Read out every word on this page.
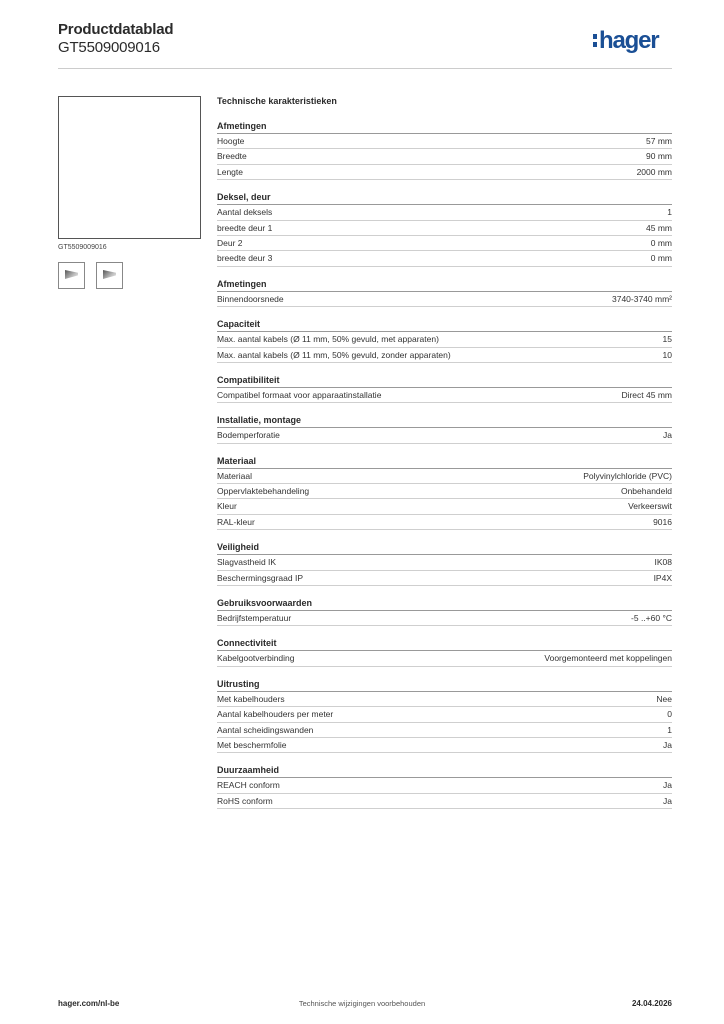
Productdatablad
GT5509009016	hager
GT5509009016
Technische karakteristieken
Afmetingen
Hoogte	57 mm
Breedte	90 mm
Lengte	2000 mm
Deksel, deur
Aantal deksels	1
breedte deur 1	45 mm
Deur 2	0 mm
breedte deur 3	0 mm
Afmetingen
Binnendoorsnede	3740-3740 mm²
Capaciteit
Max. aantal kabels (Ø 11 mm, 50% gevuld, met apparaten)	15
Max. aantal kabels (Ø 11 mm, 50% gevuld, zonder apparaten)	10
Compatibiliteit
Compatibel formaat voor apparaatinstallatie	Direct 45 mm
Installatie, montage
Bodemperforatie	Ja
Materiaal
Materiaal	Polyvinylchloride (PVC)
Oppervlaktebehandeling	Onbehandeld
Kleur	Verkeerswit
RAL-kleur	9016
Veiligheid
Slagvastheid IK	IK08
Beschermingsgraad IP	IP4X
Gebruiksvoorwaarden
Bedrijfstemperatuur	-5 ..+60 °C
Connectiviteit
Kabelgootverbinding	Voorgemonteerd met koppelingen
Uitrusting
Met kabelhouders	Nee
Aantal kabelhouders per meter	0
Aantal scheidingswanden	1
Met beschermfolie	Ja
Duurzaamheid
REACH conform	Ja
RoHS conform	Ja
hager.com/nl-be	Technische wijzigingen voorbehouden	24.04.2026
